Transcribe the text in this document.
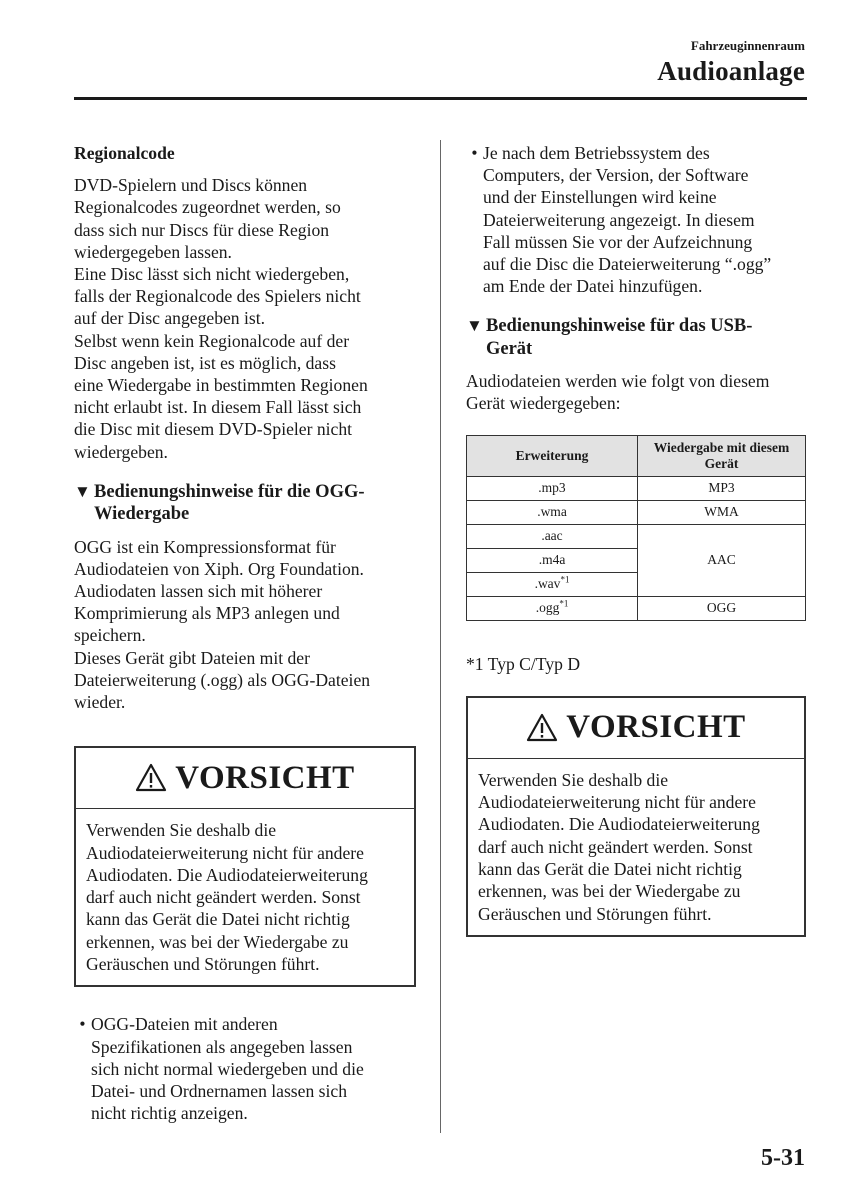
Fahrzeuginnenraum
Audioanlage

Regionalcode

DVD-Spielern und Discs können
Regionalcodes zugeordnet werden, so
dass sich nur Discs für diese Region
wiedergegeben lassen.
Eine Disc lässt sich nicht wiedergeben,
falls der Regionalcode des Spielers nicht
auf der Disc angegeben ist.
Selbst wenn kein Regionalcode auf der
Disc angeben ist, ist es möglich, dass
eine Wiedergabe in bestimmten Regionen
nicht erlaubt ist. In diesem Fall lässt sich
die Disc mit diesem DVD-Spieler nicht
wiedergeben.
▼ Bedienungshinweise für die OGG-
Wiedergabe
OGG ist ein Kompressionsformat für
Audiodateien von Xiph. Org Foundation.
Audiodaten lassen sich mit höherer
Komprimierung als MP3 anlegen und
speichern.
Dieses Gerät gibt Dateien mit der
Dateierweiterung (.ogg) als OGG-Dateien
wieder.
VORSICHT
Verwenden Sie deshalb die
Audiodateierweiterung nicht für andere
Audiodaten. Die Audiodateierweiterung
darf auch nicht geändert werden. Sonst
kann das Gerät die Datei nicht richtig
erkennen, was bei der Wiedergabe zu
Geräuschen und Störungen führt.
• OGG-Dateien mit anderen
Spezifikationen als angegeben lassen
sich nicht normal wiedergeben und die
Datei- und Ordnernamen lassen sich
nicht richtig anzeigen.
• Je nach dem Betriebssystem des
Computers, der Version, der Software
und der Einstellungen wird keine
Dateierweiterung angezeigt. In diesem
Fall müssen Sie vor der Aufzeichnung
auf die Disc die Dateierweiterung “.ogg”
am Ende der Datei hinzufügen.
▼ Bedienungshinweise für das USB-
Gerät
Audiodateien werden wie folgt von diesem
Gerät wiedergegeben:
Erweiterung	Wiedergabe mit diesem
Gerät
.mp3	MP3
.wma	WMA
.aac	AAC
.m4a	
.wav$^{*1}$
.ogg$^{*1}$	OGG
*1 Typ C/Typ D
VORSICHT
Verwenden Sie deshalb die
Audiodateierweiterung nicht für andere
Audiodaten. Die Audiodateierweiterung
darf auch nicht geändert werden. Sonst
kann das Gerät die Datei nicht richtig
erkennen, was bei der Wiedergabe zu
Geräuschen und Störungen führt.
5-31
